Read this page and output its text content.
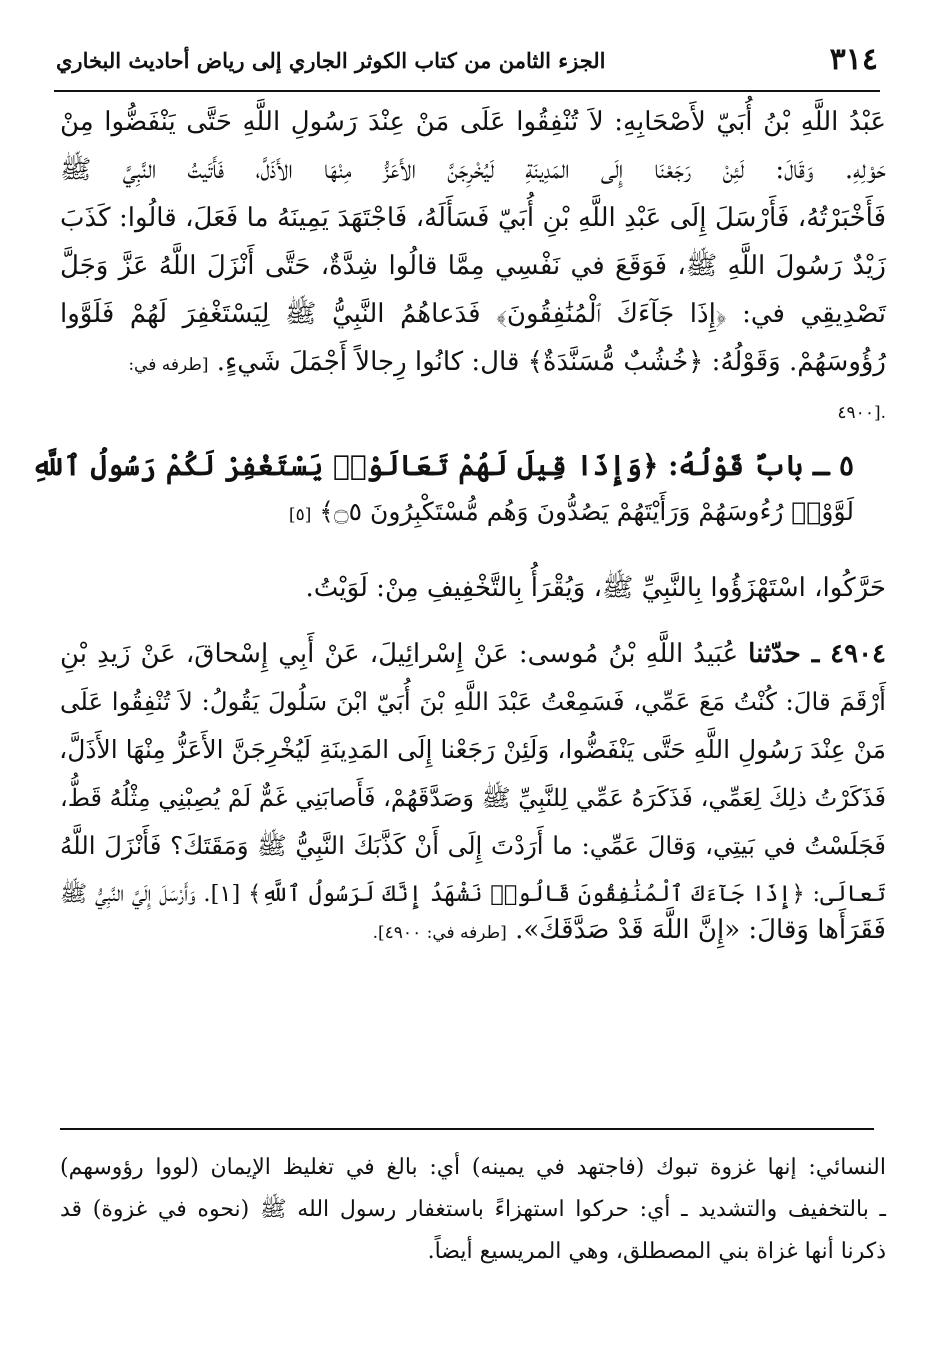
٣١٤
الجزء الثامن من كتاب الكوثر الجاري إلى رياض أحاديث البخاري
عَبْدُ اللَّهِ بْنُ أُبَيّ لأَصْحَابِهِ: لاَ تُنْفِقُوا عَلَى مَنْ عِنْدَ رَسُولِ اللَّهِ حَتَّى يَنْفَضُّوا مِنْ
حَوْلِهِ. وَقَالَ: لَئِنْ رَجَعْنَا إِلَى المَدِينَةِ لَيُخْرِجَنَّ الأَعَزُّ مِنْهَا الأَذَلَّ، فَأَتَيتُ النَّبِيَّ ﷺ
فَأَخْبَرْتُهُ، فَأَرْسَلَ إِلَى عَبْدِ اللَّهِ بْنِ أُبَيّ فَسَأَلَهُ، فَاجْتَهَدَ يَمِينَهُ ما فَعَلَ، قالُوا: كَذَبَ
زَيْدٌ رَسُولَ اللَّهِ ﷺ، فَوَقَعَ في نَفْسِي مِمَّا قالُوا شِدَّةٌ، حَتَّى أَنْزَلَ اللَّهُ عَزَّ وَجَلَّ
تَصْدِيقِي في: ﴿إِذَا جَآءَكَ ٱلْمُنَٰفِقُونَ﴾ فَدَعاهُمُ النَّبِيُّ ﷺ لِيَسْتَغْفِرَ لَهُمْ فَلَوَّوا
رُؤُوسَهُمْ. وَقَوْلُهُ: ﴿خُشُبٌ مُّسَنَّدَةٌ﴾ قال: كانُوا رِجالاً أَجْمَلَ شَيءٍ. [طرفه في:
.[٤٩٠٠
٥ ـ بابٌ قَوْلُهُ: ﴿وَإِذَا قِيلَ لَهُمْ تَعَالَوْا۟ يَسْتَغْفِرْ لَكُمْ رَسُولُ ٱللَّهِ
لَوَّوْا۟ رُءُوسَهُمْ وَرَأَيْتَهُمْ يَصُدُّونَ وَهُم مُّسْتَكْبِرُونَ ۝٥﴾ [٥]
حَرَّكُوا، اسْتَهْزَؤُوا بِالنَّبِيِّ ﷺ، وَيُقْرَأُ بِالتَّخْفِيفِ مِنْ: لَوَيْتُ.
٤٩٠٤ ـ حدّثنا عُبَيدُ اللَّهِ بْنُ مُوسى: عَنْ إِسْرائِيلَ، عَنْ أَبِي إِسْحاقَ، عَنْ زَيدِ بْنِ
أَرْقَمَ قالَ: كُنْتُ مَعَ عَمِّي، فَسَمِعْتُ عَبْدَ اللَّهِ بْنَ أُبَيّ ابْنَ سَلُولَ يَقُولُ: لاَ تُنْفِقُوا عَلَى
مَنْ عِنْدَ رَسُولِ اللَّهِ حَتَّى يَنْفَضُّوا، وَلَئِنْ رَجَعْنا إِلَى المَدِينَةِ لَيُخْرِجَنَّ الأَعَزُّ مِنْهَا الأَذَلَّ،
فَذَكَرْتُ ذلِكَ لِعَمِّي، فَذَكَرَهُ عَمِّي لِلنَّبِيِّ ﷺ وَصَدَّقَهُمْ، فَأَصابَنِي غَمٌّ لَمْ يُصِبْنِي مِثْلُهُ قَطُّ،
فَجَلَسْتُ في بَيتِي، وَقالَ عَمِّي: ما أَرَدْتَ إِلَى أَنْ كَذَّبَكَ النَّبِيُّ ﷺ وَمَقَتَكَ؟ فَأَنْزَلَ اللَّهُ
تَعالَى: ﴿إِذَا جَآءَكَ ٱلْمُنَٰفِقُونَ قَالُوا۟ نَشْهَدُ إِنَّكَ لَرَسُولُ ٱللَّهِ﴾ [١]. وَأَرْسَلَ إِلَيَّ النَّبِيُّ ﷺ
فَقَرَأَها وَقالَ: «إِنَّ اللَّهَ قَدْ صَدَّقَكَ». [طرفه في: ٤٩٠٠].
النسائي: إنها غزوة تبوك (فاجتهد في يمينه) أي: بالغ في تغليظ الإيمان (لووا رؤوسهم)
ـ بالتخفيف والتشديد ـ أي: حركوا استهزاءً باستغفار رسول الله ﷺ (نحوه في غزوة) قد
ذكرنا أنها غزاة بني المصطلق، وهي المريسيع أيضاً.
